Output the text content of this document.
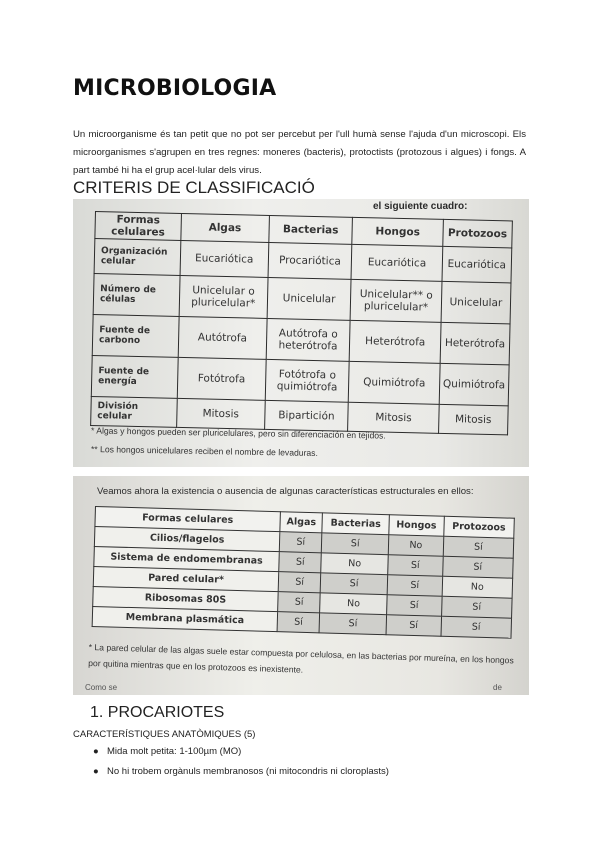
MICROBIOLOGIA

Un microorganisme és tan petit que no pot ser percebut per l'ull humà sense l'ajuda d'un microscopi. Els microorganismes s'agrupen en tres regnes: moneres (bacteris), protoctists (protozous i algues) i fongs. A part també hi ha el grup acel·lular dels virus.

CRITERIS DE CLASSIFICACIÓ
el siguiente cuadro:
Formas celulares	Algas	Bacterias	Hongos	Protozoos
Organización celular	Eucariótica	Procariótica	Eucariótica	Eucariótica
Número de células	Unicelular o pluricelular*	Unicelular	Unicelular** o pluricelular*	Unicelular
Fuente de carbono	Autótrofa	Autótrofa o heterótrofa	Heterótrofa	Heterótrofa
Fuente de energía	Fotótrofa	Fotótrofa o quimiótrofa	Quimiótrofa	Quimiótrofa
División celular	Mitosis	Bipartición	Mitosis	Mitosis
* Algas y hongos pueden ser pluricelulares, pero sin diferenciación en tejidos.
** Los hongos unicelulares reciben el nombre de levaduras.
Veamos ahora la existencia o ausencia de algunas características estructurales en ellos:
Formas celulares	Algas	Bacterias	Hongos	Protozoos
Cilios/flagelos	Sí	Sí	No	Sí
Sistema de endomembranas	Sí	No	Sí	Sí
Pared celular*	Sí	Sí	Sí	No
Ribosomas 80S	Sí	No	Sí	Sí
Membrana plasmática	Sí	Sí	Sí	Sí
* La pared celular de las algas suele estar compuesta por celulosa, en las bacterias por mureína, en los hongos por quitina mientras que en los protozoos es inexistente.
Como se	de
1. PROCARIOTES
CARACTERÍSTIQUES ANATÒMIQUES (5)
● Mida molt petita: 1-100µm (MO)
● No hi trobem orgànuls membranosos (ni mitocondris ni cloroplasts)
